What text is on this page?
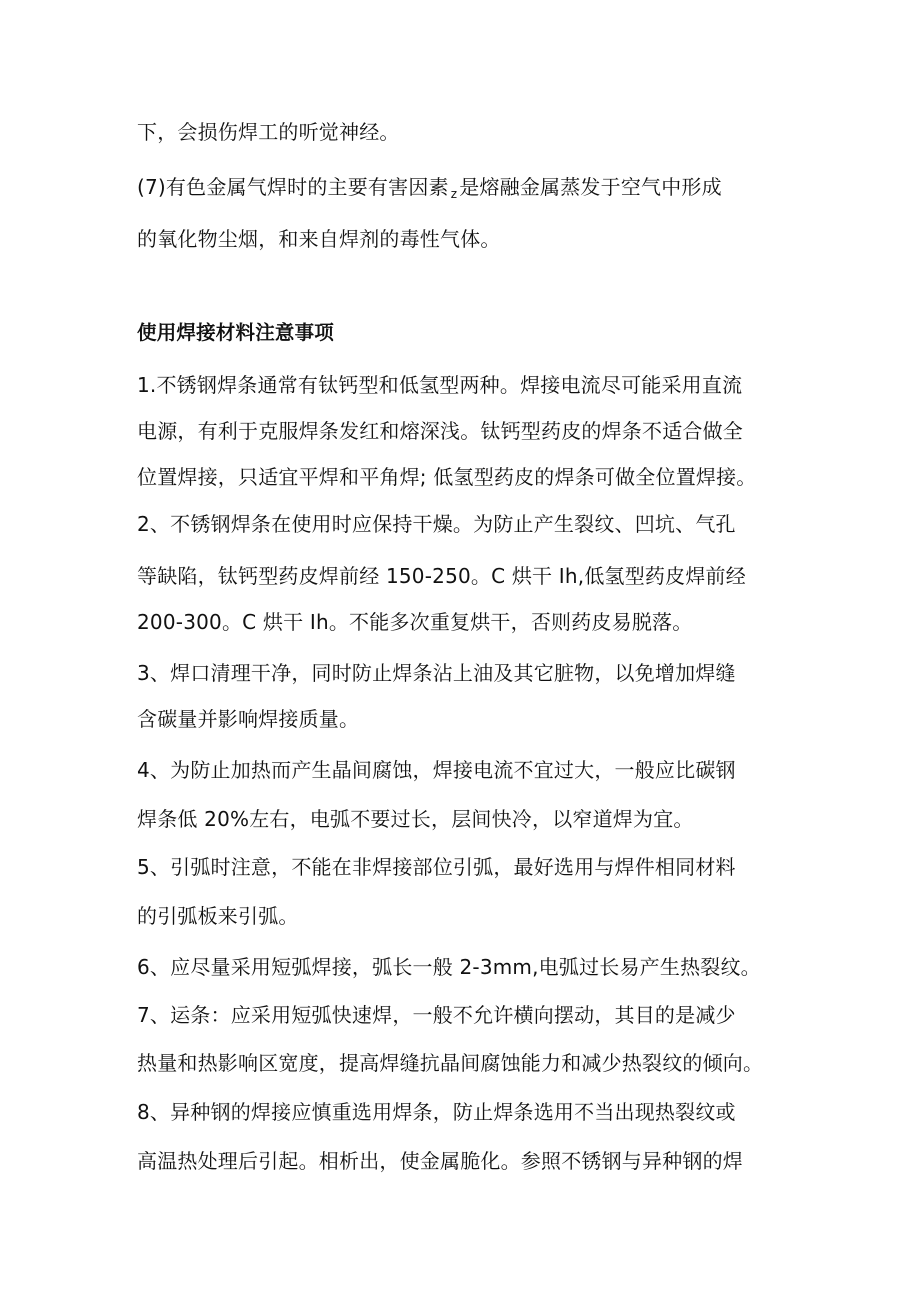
下，会损伤焊工的听觉神经。
(7)有色金属气焊时的主要有害因素 $_z$ 是熔融金属蒸发于空气中形成
的氧化物尘烟，和来自焊剂的毒性气体。
使用焊接材料注意事项
1.不锈钢焊条通常有钛钙型和低氢型两种。焊接电流尽可能采用直流
电源，有利于克服焊条发红和熔深浅。钛钙型药皮的焊条不适合做全
位置焊接，只适宜平焊和平角焊; 低氢型药皮的焊条可做全位置焊接。
2、不锈钢焊条在使用时应保持干燥。为防止产生裂纹、凹坑、气孔
等缺陷，钛钙型药皮焊前经 150-250。C 烘干 Ih,低氢型药皮焊前经
200-300。C 烘干 Ih。不能多次重复烘干，否则药皮易脱落。
3、焊口清理干净，同时防止焊条沾上油及其它脏物，以免增加焊缝
含碳量并影响焊接质量。
4、为防止加热而产生晶间腐蚀，焊接电流不宜过大，一般应比碳钢
焊条低 20%左右，电弧不要过长，层间快冷，以窄道焊为宜。
5、引弧时注意，不能在非焊接部位引弧，最好选用与焊件相同材料
的引弧板来引弧。
6、应尽量采用短弧焊接，弧长一般 2-3mm,电弧过长易产生热裂纹。
7、运条：应采用短弧快速焊，一般不允许横向摆动，其目的是减少
热量和热影响区宽度，提高焊缝抗晶间腐蚀能力和减少热裂纹的倾向。
8、异种钢的焊接应慎重选用焊条，防止焊条选用不当出现热裂纹或
高温热处理后引起。相析出，使金属脆化。参照不锈钢与异种钢的焊
